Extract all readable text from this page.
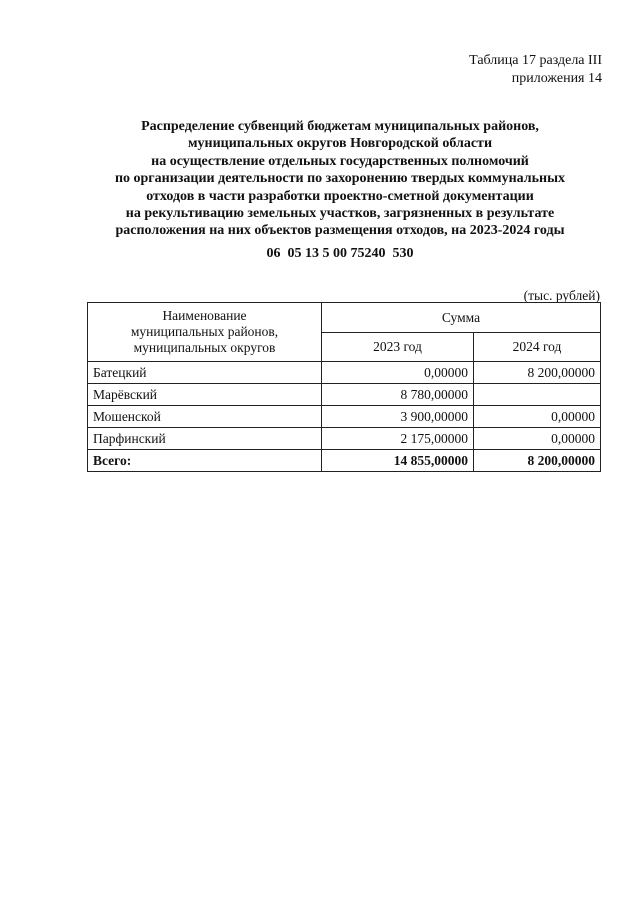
Таблица 17 раздела III
приложения 14
Распределение субвенций бюджетам муниципальных районов,
муниципальных округов Новгородской области
на осуществление отдельных государственных полномочий
по организации деятельности по захоронению твердых коммунальных
отходов в части разработки проектно-сметной документации
на рекультивацию земельных участков, загрязненных в результате
расположения на них объектов размещения отходов, на 2023-2024 годы
06  05 13 5 00 75240  530
(тыс. рублей)
Наименование
муниципальных районов,
муниципальных округов	Сумма	
	2023 год	2024 год
Батецкий	0,00000	8 200,00000
Марёвский	8 780,00000	
Мошенской	3 900,00000	0,00000
Парфинский	2 175,00000	0,00000
Всего:	14 855,00000	8 200,00000
